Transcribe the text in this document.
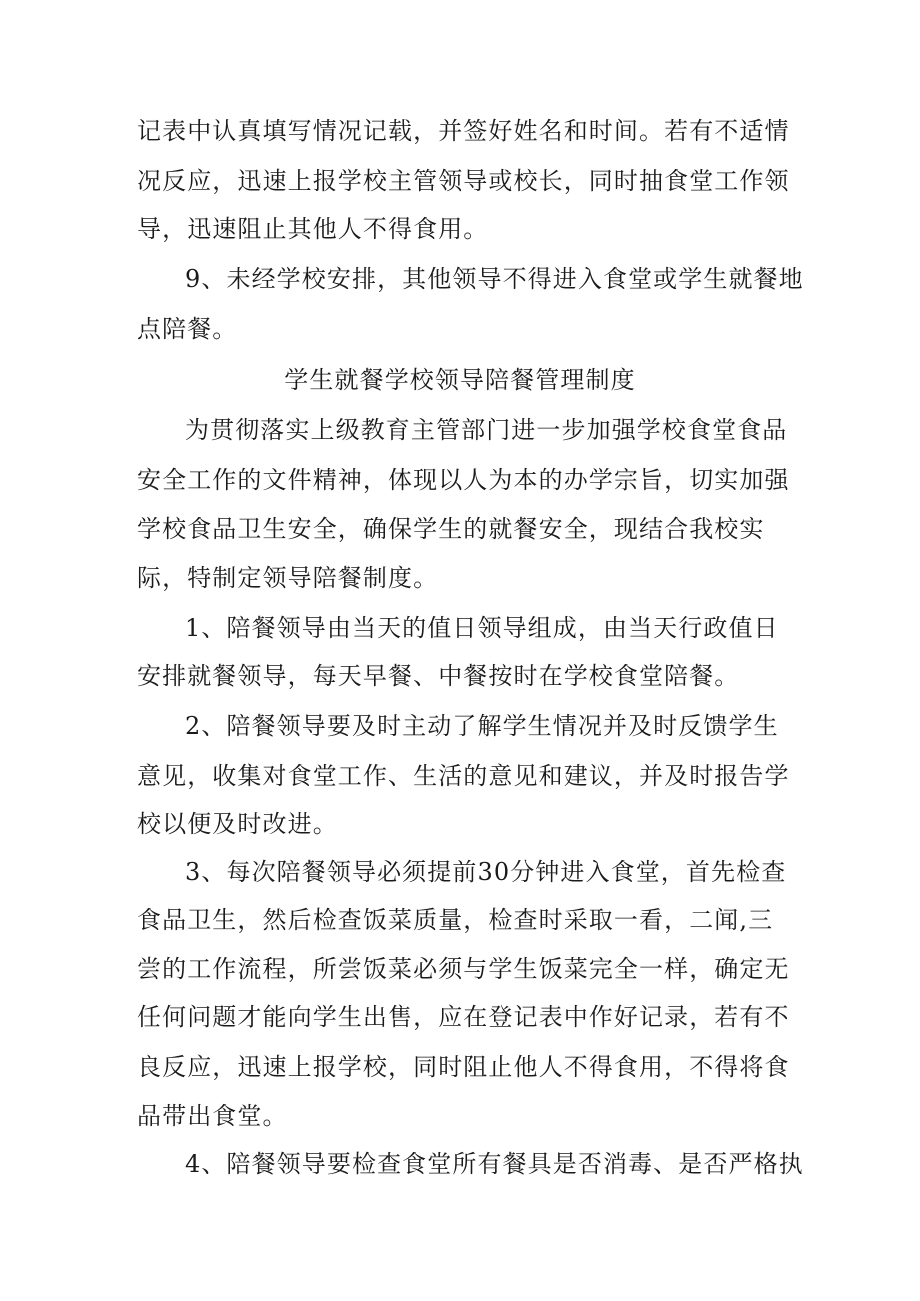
记表中认真填写情况记载，并签好姓名和时间。若有不适情
况反应，迅速上报学校主管领导或校长，同时抽食堂工作领
导，迅速阻止其他人不得食用。
9、未经学校安排，其他领导不得进入食堂或学生就餐地
点陪餐。
学生就餐学校领导陪餐管理制度
为贯彻落实上级教育主管部门进一步加强学校食堂食品
安全工作的文件精神，体现以人为本的办学宗旨，切实加强
学校食品卫生安全，确保学生的就餐安全，现结合我校实
际，特制定领导陪餐制度。
1、陪餐领导由当天的值日领导组成，由当天行政值日
安排就餐领导，每天早餐、中餐按时在学校食堂陪餐。
2、陪餐领导要及时主动了解学生情况并及时反馈学生
意见，收集对食堂工作、生活的意见和建议，并及时报告学
校以便及时改进。
3、每次陪餐领导必须提前30分钟进入食堂，首先检查
食品卫生，然后检查饭菜质量，检查时采取一看，二闻,三
尝的工作流程，所尝饭菜必须与学生饭菜完全一样，确定无
任何问题才能向学生出售，应在登记表中作好记录，若有不
良反应，迅速上报学校，同时阻止他人不得食用，不得将食
品带出食堂。
4、陪餐领导要检查食堂所有餐具是否消毒、是否严格执
